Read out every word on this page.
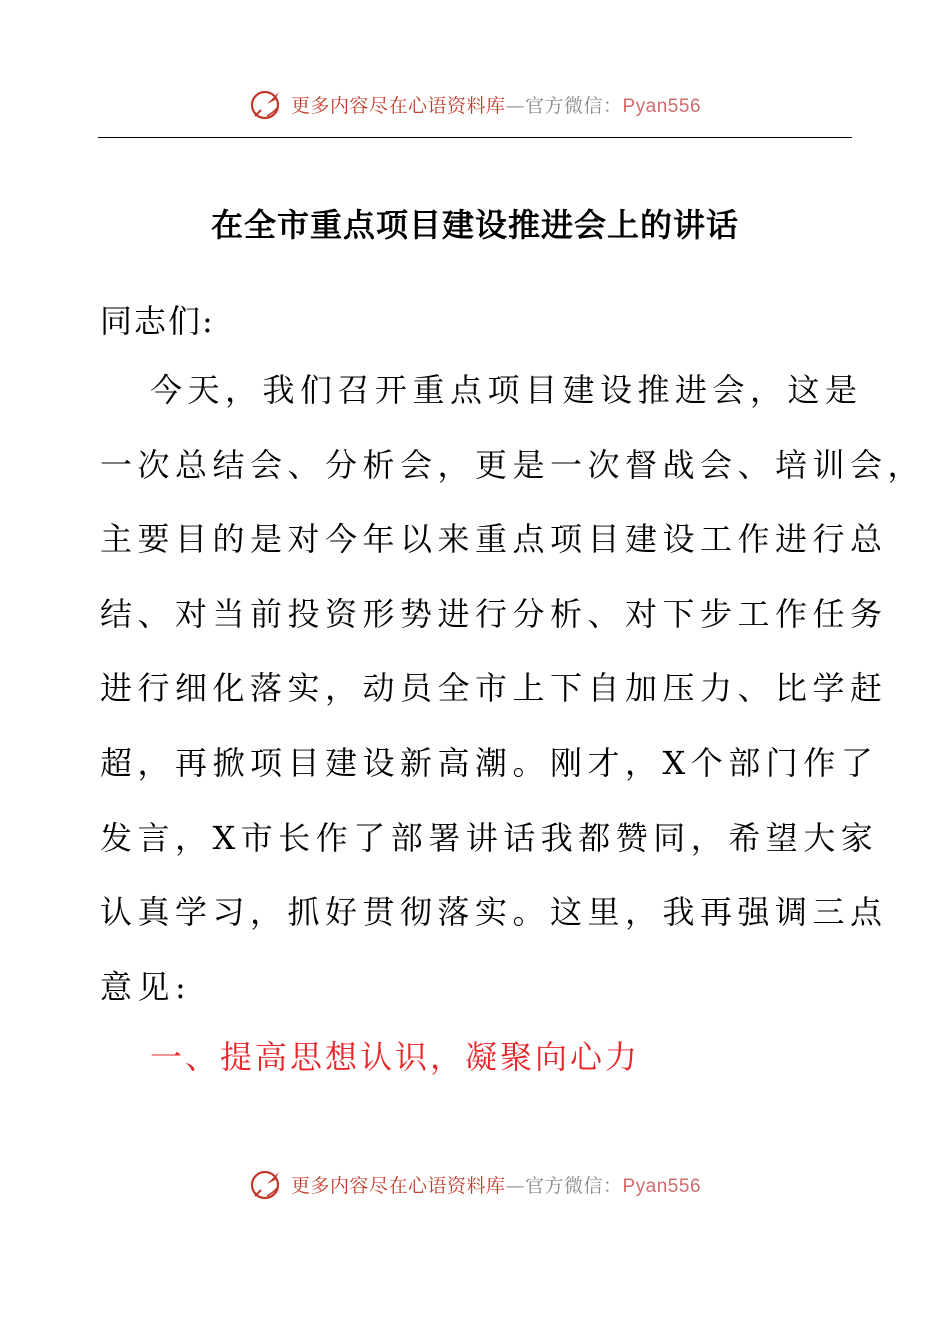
更多内容尽在心语资料库—官方微信：Pyan556
在全市重点项目建设推进会上的讲话
同志们:
今天，我们召开重点项目建设推进会，这是
一次总结会、分析会，更是一次督战会、培训会，
主要目的是对今年以来重点项目建设工作进行总
结、对当前投资形势进行分析、对下步工作任务
进行细化落实，动员全市上下自加压力、比学赶
超，再掀项目建设新高潮。刚才，X个部门作了
发言，X市长作了部署讲话我都赞同，希望大家
认真学习，抓好贯彻落实。这里，我再强调三点
意见:
一、提高思想认识，凝聚向心力
更多内容尽在心语资料库—官方微信：Pyan556
